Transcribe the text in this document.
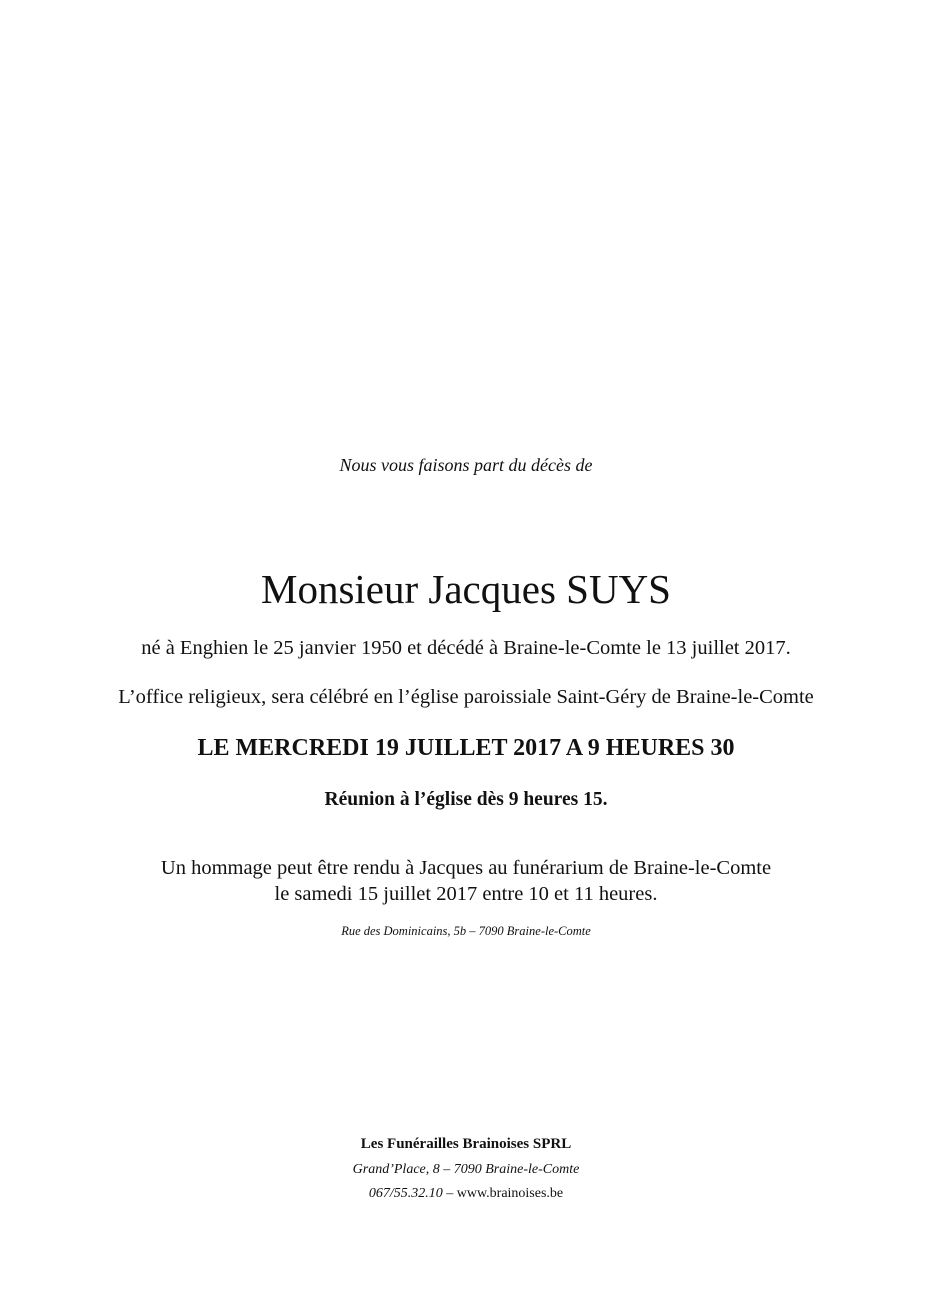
Nous vous faisons part du décès de

Monsieur Jacques SUYS

né à Enghien le 25 janvier 1950 et décédé à Braine-le-Comte le 13 juillet 2017.

L’office religieux, sera célébré en l’église paroissiale Saint-Géry de Braine-le-Comte

LE MERCREDI 19 JUILLET 2017 A 9 HEURES 30

Réunion à l’église dès 9 heures 15.

Un hommage peut être rendu à Jacques au funérarium de Braine-le-Comte

le samedi 15 juillet 2017 entre 10 et 11 heures.

Rue des Dominicains, 5b – 7090 Braine-le-Comte

Les Funérailles Brainoises SPRL

Grand’Place, 8 – 7090 Braine-le-Comte

067/55.32.10 – www.brainoises.be
